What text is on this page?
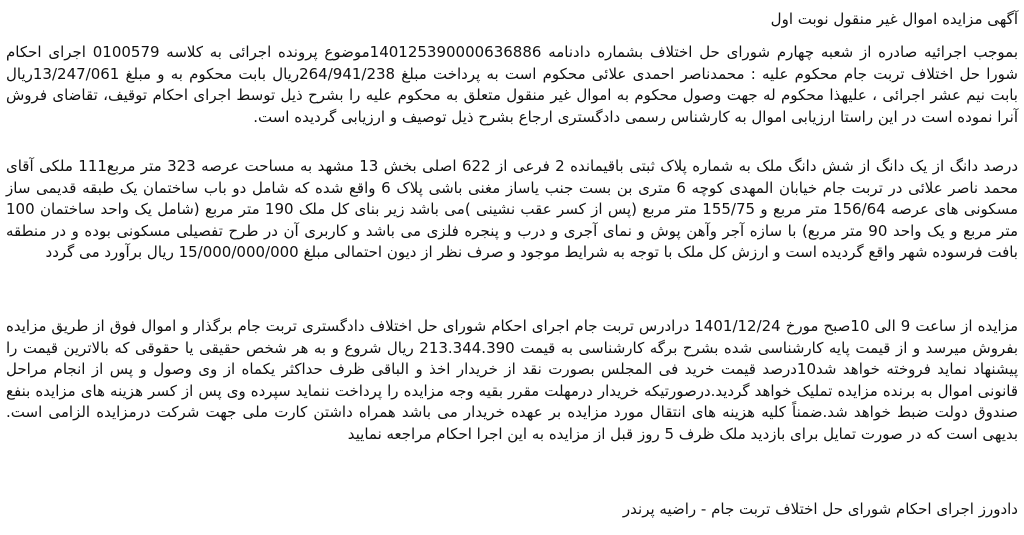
آگهی مزایده اموال غیر منقول نوبت اول

بموجب اجرائیه صادره از شعبه چهارم شورای حل اختلاف بشماره دادنامه 140125390000636886موضوع پرونده اجرائی به کلاسه 0100579 اجرای احکام شورا حل اختلاف تربت جام محکوم علیه : محمدناصر احمدی علائی محکوم است به پرداخت مبلغ 264/941/238ریال بابت محکوم به و مبلغ 13/247/061ریال بابت نیم عشر اجرائی ، علیهذا محکوم له جهت وصول محکوم به اموال غیر منقول متعلق به محکوم علیه را بشرح ذیل توسط اجرای احکام توقیف، تقاضای فروش آنرا نموده است در این راستا ارزیابی اموال به کارشناس رسمی دادگستری ارجاع بشرح ذیل توصیف و ارزیابی گردیده است.

درصد دانگ از یک دانگ از شش دانگ ملک به شماره پلاک ثبتی باقیمانده 2 فرعی از 622 اصلی بخش 13 مشهد به مساحت عرصه 323 متر مربع111 ملکی آقای محمد ناصر علائی در تربت جام خیابان المهدی کوچه 6 متری بن بست جنب یاساز مغنی باشی پلاک 6 واقع شده که شامل دو باب ساختمان یک طبقه قدیمی ساز مسکونی های عرصه 156/64 متر مربع و 155/75 متر مربع (پس از کسر عقب نشینی )می باشد زیر بنای کل ملک 190 متر مربع (شامل یک واحد ساختمان 100 متر مربع و یک واحد 90 متر مربع) با سازه آجر وآهن پوش و نمای آجری و درب و پنجره فلزی می باشد و کاربری آن در طرح تفصیلی مسکونی بوده و در منطقه بافت فرسوده شهر واقع گردیده است و ارزش کل ملک با توجه به شرایط موجود و صرف نظر از دیون احتمالی مبلغ 15/000/000/000 ریال برآورد می گردد

مزایده از ساعت 9 الی 10صبح مورخ 1401/12/24 درادرس تربت جام اجرای احکام شورای حل اختلاف دادگستری تربت جام برگذار و اموال فوق از طریق مزایده بفروش میرسد و از قیمت پایه کارشناسی شده بشرح برگه کارشناسی به قیمت 213.344.390 ریال شروع و به هر شخص حقیقی یا حقوقی که بالاترین قیمت را پیشنهاد نماید فروخته خواهد شد10درصد قیمت خرید فی المجلس بصورت نقد از خریدار اخذ و الباقی ظرف حداکثر یکماه از وی وصول و پس از انجام مراحل قانونی اموال به برنده مزایده تملیک خواهد گردید.درصورتیکه خریدار درمهلت مقرر بقیه وجه مزایده را پرداخت ننماید سپرده وی پس از کسر هزینه های مزایده بنفع صندوق دولت ضبط خواهد شد.ضمناً کلیه هزینه های انتقال مورد مزایده بر عهده خریدار می باشد همراه داشتن کارت ملی جهت شرکت درمزایده الزامی است. بدیهی است که در صورت تمایل برای بازدید ملک ظرف 5 روز قبل از مزایده به این اجرا احکام مراجعه نمایید

دادورز اجرای احکام شورای حل اختلاف تربت جام - راضیه پرندر
